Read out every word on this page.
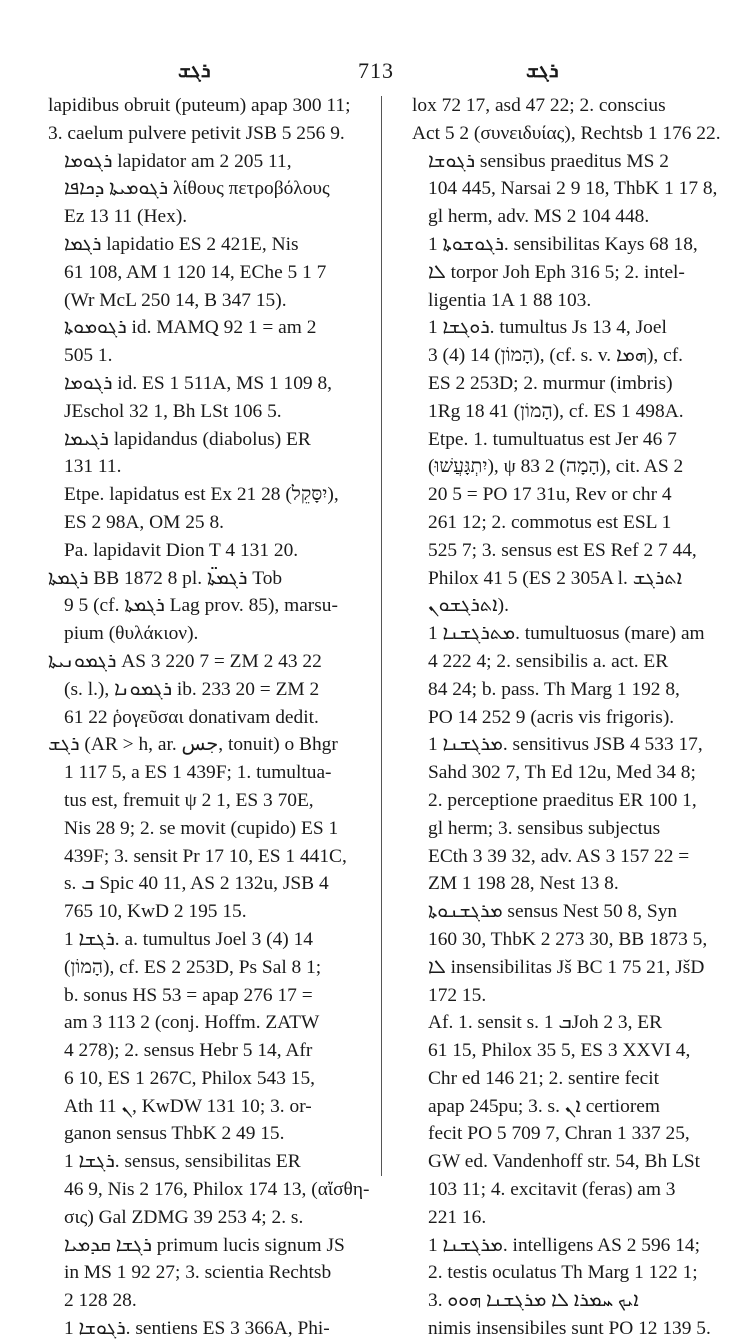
ܪܓܫ	713	ܪܓܫ
lapidibus obruit (puteum) apap 300 11;
3. caelum pulvere petivit JSB 5 256 9.
ܪܓܘܡܐ lapidator am 2 205 11,
ܪܓܘܡܝܬܐ ܕܟܐܦܐ λίθους πετροβόλους
Ez 13 11 (Hex).
ܪܓܡܐ lapidatio ES 2 421E, Nis
61 108, AM 1 120 14, EChe 5 1 7
(Wr McL 250 14, B 347 15).
ܪܓܘܡܘܬܐ id. MAMQ 92 1 = am 2
505 1.
ܪܓܘܡܐ id. ES 1 511A, MS 1 109 8,
JEschol 32 1, Bh LSt 106 5.
ܪܓܝܡܐ lapidandus (diabolus) ER
131 11.
Etpe. lapidatus est Ex 21 28 (יִסָּקֵל),
ES 2 98A, OM 25 8.
Pa. lapidavit Dion T 4 131 20.
ܪܓܡܬܐ BB 1872 8 pl. ܪܓܡܬܐ̈ Tob
9 5 (cf. ܪܓܡܬܐ Lag prov. 85), marsu-
pium (θυλάκιον).
ܪܓܡܘܢܝܬܐ AS 3 220 7 = ZM 2 43 22
(s. l.), ܪܓܡܘܢܐ ib. 233 20 = ZM 2
61 22 ῥογεῦσαι donativam dedit.
ܪܓܫ (AR > h, ar. جس, tonuit) o Bhgr
1 117 5, a ES 1 439F; 1. tumultua-
tus est, fremuit ψ 2 1, ES 3 70E,
Nis 28 9; 2. se movit (cupido) ES 1
439F; 3. sensit Pr 17 10, ES 1 441C,
s. ܒ Spic 40 11, AS 2 132u, JSB 4
765 10, KwD 2 195 15.
ܪܓܫܐ 1. a. tumultus Joel 3 (4) 14
(הָמוֹן), cf. ES 2 253D, Ps Sal 8 1;
b. sonus HS 53 = apap 276 17 =
am 3 113 2 (conj. Hoffm. ZATW
4 278); 2. sensus Hebr 5 14, Afr
6 10, ES 1 267C, Philox 543 15,
Ath ܢ 11, KwDW 131 10; 3. or-
ganon sensus ThbK 2 49 15.
ܪܓܫܐ 1. sensus, sensibilitas ER
46 9, Nis 2 176, Philox 174 13, (αἴσθη-
σις) Gal ZDMG 39 253 4; 2. s.
ܪܓܫܐ ܩܕܡܝܐ primum lucis signum JS
in MS 1 92 27; 3. scientia Rechtsb
2 128 28.
ܪܓܘܫܐ 1. sentiens ES 3 366A, Phi-
lox 72 17, asd 47 22; 2. conscius
Act 5 2 (συνειδυίας), Rechtsb 1 176 22.
ܪܓܘܫܐ sensibus praeditus MS 2
104 445, Narsai 2 9 18, ThbK 1 17 8,
gl herm, adv. MS 2 104 448.
ܪܓܘܫܘܬܐ 1. sensibilitas Kays 68 18,
ܠܐ torpor Joh Eph 316 5; 2. intel-
ligentia 1A 1 88 103.
ܪܘܓܫܐ 1. tumultus Js 13 4, Joel
3 (4) 14 (הָמוֹן), (cf. s. v. ܗܡܐ), cf.
ES 2 253D; 2. murmur (imbris)
1Rg 18 41 (הָמוֹן), cf. ES 1 498A.
Etpe. 1. tumultuatus est Jer 46 7
(יִתְגָּעֲשׁוּ), ψ 83 2 (הָמָה), cit. AS 2
20 5 = PO 17 31u, Rev or chr 4
261 12; 2. commotus est ESL 1
525 7; 3. sensus est ES Ref 2 7 44,
Philox 41 5 (ES 2 305A l. ܐܬܪܓܫ
ܐܬܪܓܫܘܢ).
ܡܬܪܓܫܢܐ 1. tumultuosus (mare) am
4 222 4; 2. sensibilis a. act. ER
84 24; b. pass. Th Marg 1 192 8,
PO 14 252 9 (acris vis frigoris).
ܡܪܓܫܢܐ 1. sensitivus JSB 4 533 17,
Sahd 302 7, Th Ed 12u, Med 34 8;
2. perceptione praeditus ER 100 1,
gl herm; 3. sensibus subjectus
ECth 3 39 32, adv. AS 3 157 22 =
ZM 1 198 28, Nest 13 8.
ܡܪܓܫܢܘܬܐ sensus Nest 50 8, Syn
160 30, ThbK 2 273 30, BB 1873 5,
ܠܐ insensibilitas Jš BC 1 75 21, JšD
172 15.
Af. 1. sensit s. ܒ 1Joh 2 3, ER
61 15, Philox 35 5, ES 3 XXVI 4,
Chr ed 146 21; 2. sentire fecit
apap 245pu; 3. s. ܐܢ certiorem
fecit PO 5 709 7, Chran 1 337 25,
GW ed. Vandenhoff str. 54, Bh LSt
103 11; 4. excitavit (feras) am 3
221 16.
ܡܪܓܫܢܐ 1. intelligens AS 2 596 14;
2. testis oculatus Th Marg 1 122 1;
3. ܐܝܟ ܚܡܪܐ ܠܐ ܡܪܓܫܢܐ ܗܘܘ
nimis insensibiles sunt PO 12 139 5.
